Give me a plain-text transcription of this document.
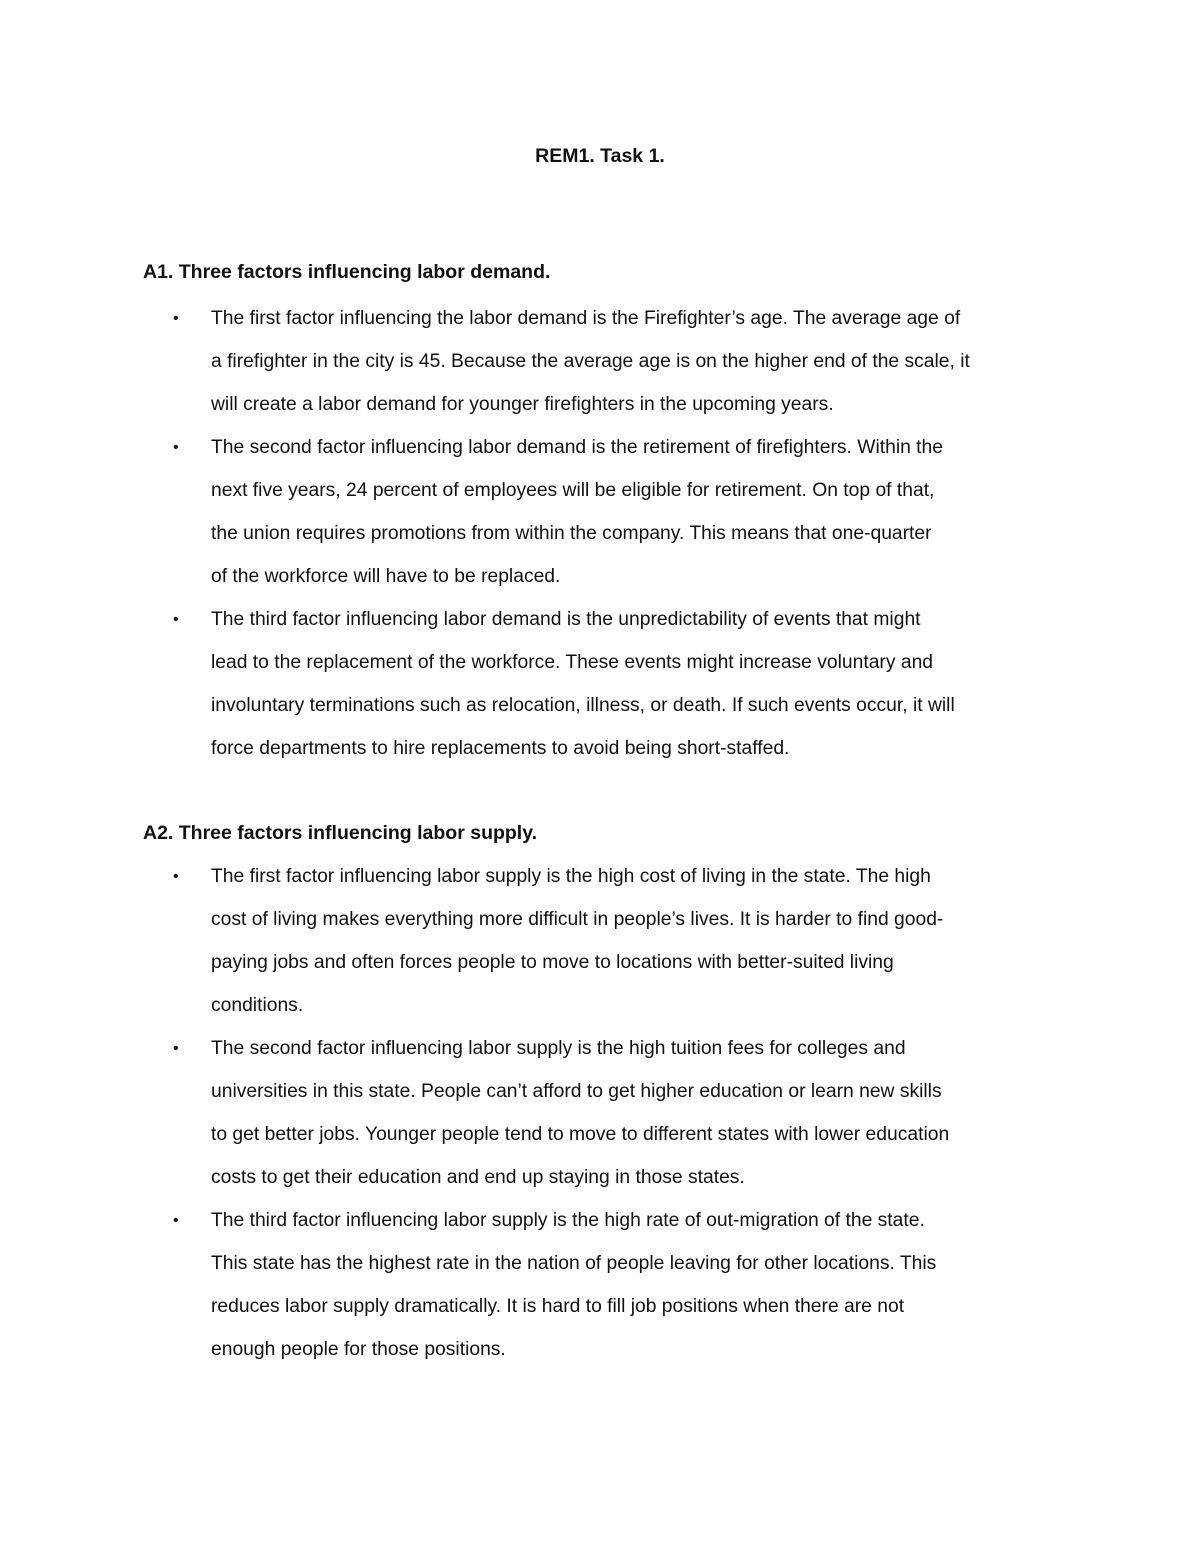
REM1. Task 1.
A1. Three factors influencing labor demand.
• The first factor influencing the labor demand is the Firefighter’s age. The average age of
a firefighter in the city is 45. Because the average age is on the higher end of the scale, it
will create a labor demand for younger firefighters in the upcoming years.
• The second factor influencing labor demand is the retirement of firefighters. Within the
next five years, 24 percent of employees will be eligible for retirement. On top of that,
the union requires promotions from within the company. This means that one-quarter
of the workforce will have to be replaced.
• The third factor influencing labor demand is the unpredictability of events that might
lead to the replacement of the workforce. These events might increase voluntary and
involuntary terminations such as relocation, illness, or death. If such events occur, it will
force departments to hire replacements to avoid being short-staffed.
A2. Three factors influencing labor supply.
• The first factor influencing labor supply is the high cost of living in the state. The high
cost of living makes everything more difficult in people’s lives. It is harder to find good-
paying jobs and often forces people to move to locations with better-suited living
conditions.
• The second factor influencing labor supply is the high tuition fees for colleges and
universities in this state. People can’t afford to get higher education or learn new skills
to get better jobs. Younger people tend to move to different states with lower education
costs to get their education and end up staying in those states.
• The third factor influencing labor supply is the high rate of out-migration of the state.
This state has the highest rate in the nation of people leaving for other locations. This
reduces labor supply dramatically. It is hard to fill job positions when there are not
enough people for those positions.
